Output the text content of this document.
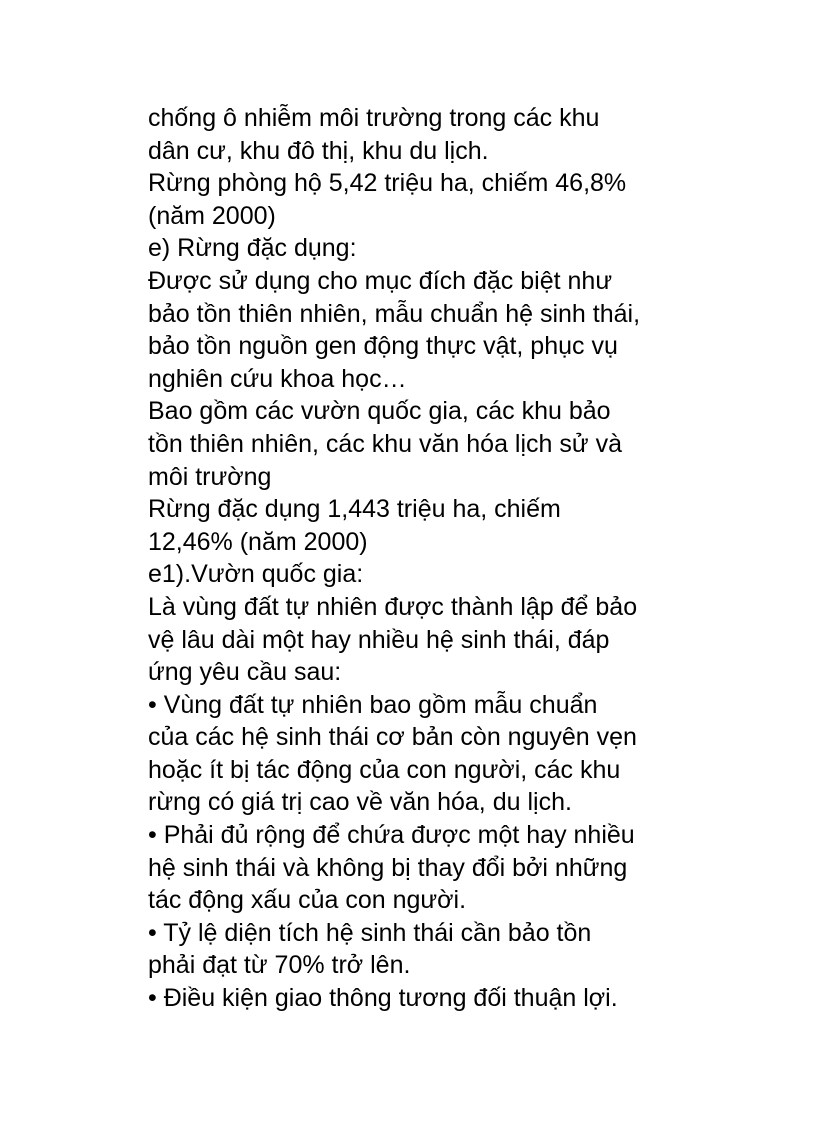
chống ô nhiễm môi trường trong các khu
dân cư, khu đô thị, khu du lịch.
Rừng phòng hộ 5,42 triệu ha, chiếm 46,8%
(năm 2000)
e) Rừng đặc dụng:
Được sử dụng cho mục đích đặc biệt như
bảo tồn thiên nhiên, mẫu chuẩn hệ sinh thái,
bảo tồn nguồn gen động thực vật, phục vụ
nghiên cứu khoa học…
Bao gồm các vườn quốc gia, các khu bảo
tồn thiên nhiên, các khu văn hóa lịch sử và
môi trường
Rừng đặc dụng 1,443 triệu ha, chiếm
12,46% (năm 2000)
e1).Vườn quốc gia:
Là vùng đất tự nhiên được thành lập để bảo
vệ lâu dài một hay nhiều hệ sinh thái, đáp
ứng yêu cầu sau:
• Vùng đất tự nhiên bao gồm mẫu chuẩn
của các hệ sinh thái cơ bản còn nguyên vẹn
hoặc ít bị tác động của con người, các khu
rừng có giá trị cao về văn hóa, du lịch.
• Phải đủ rộng để chứa được một hay nhiều
hệ sinh thái và không bị thay đổi bởi những
tác động xấu của con người.
• Tỷ lệ diện tích hệ sinh thái cần bảo tồn
phải đạt từ 70% trở lên.
• Điều kiện giao thông tương đối thuận lợi.
